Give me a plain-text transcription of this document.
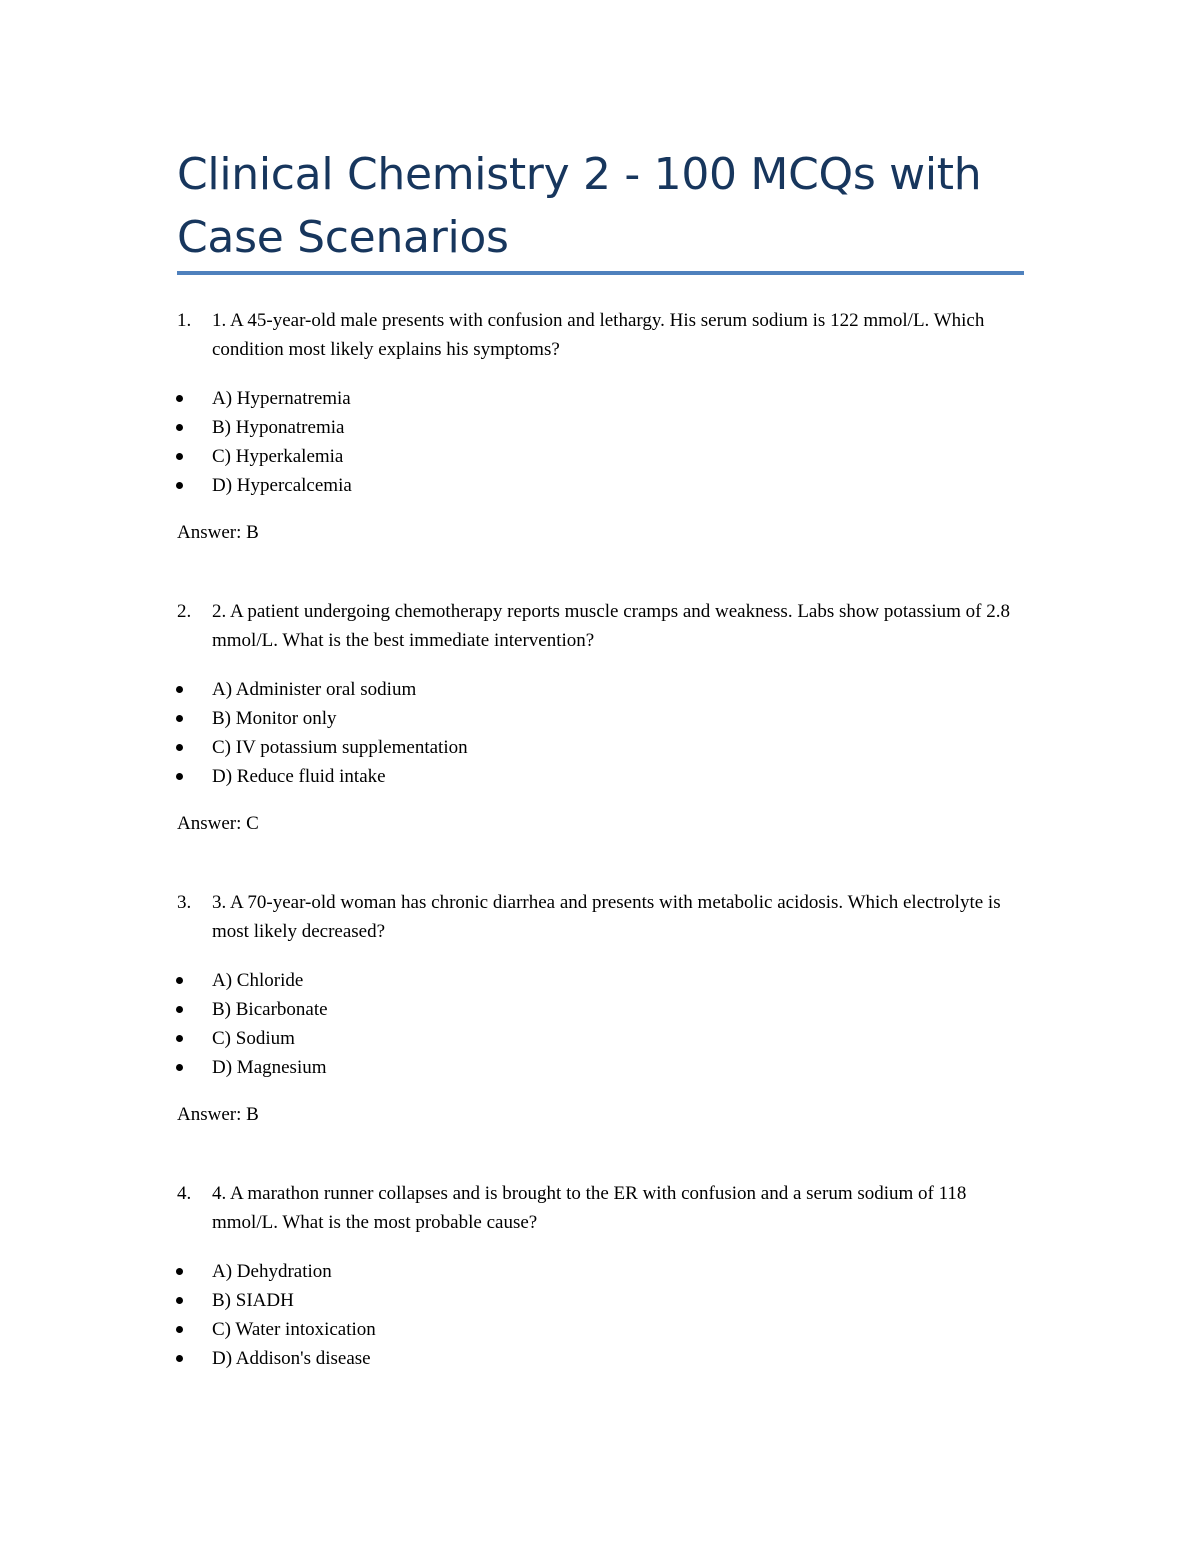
Clinical Chemistry 2 - 100 MCQs with Case Scenarios
1. 1. A 45-year-old male presents with confusion and lethargy. His serum sodium is 122 mmol/L. Which condition most likely explains his symptoms?
A) Hypernatremia
B) Hyponatremia
C) Hyperkalemia
D) Hypercalcemia
Answer: B
2. 2. A patient undergoing chemotherapy reports muscle cramps and weakness. Labs show potassium of 2.8 mmol/L. What is the best immediate intervention?
A) Administer oral sodium
B) Monitor only
C) IV potassium supplementation
D) Reduce fluid intake
Answer: C
3. 3. A 70-year-old woman has chronic diarrhea and presents with metabolic acidosis. Which electrolyte is most likely decreased?
A) Chloride
B) Bicarbonate
C) Sodium
D) Magnesium
Answer: B
4. 4. A marathon runner collapses and is brought to the ER with confusion and a serum sodium of 118 mmol/L. What is the most probable cause?
A) Dehydration
B) SIADH
C) Water intoxication
D) Addison's disease
